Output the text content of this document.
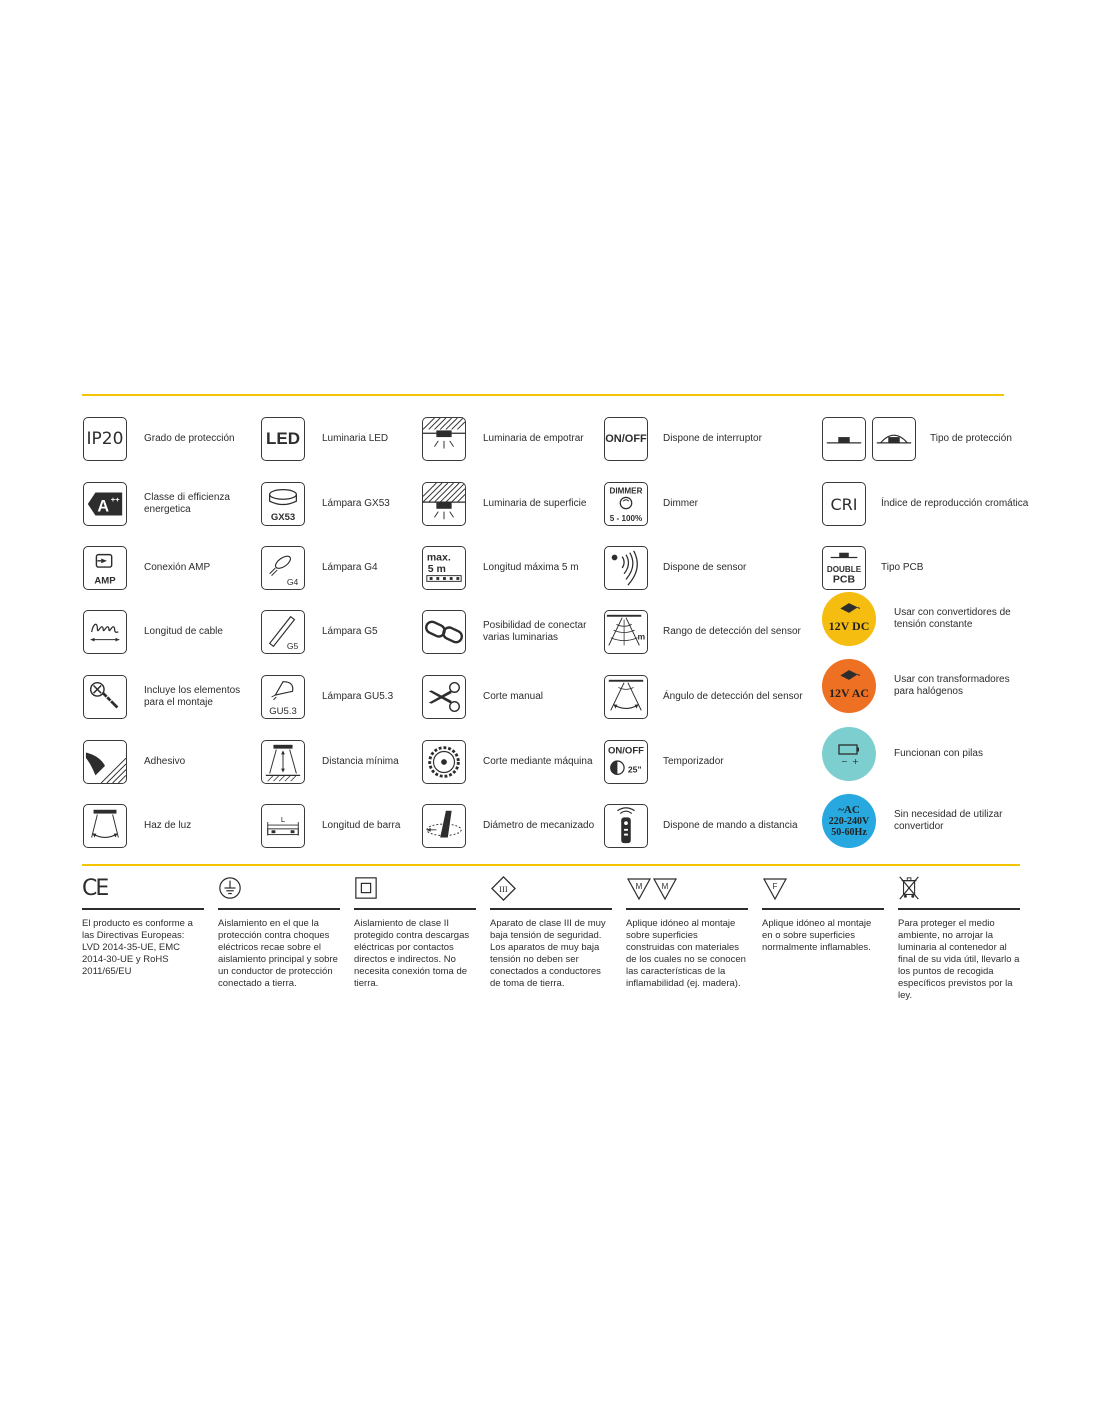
IP20 Grado de protección
A ++ Classe di efficienza energetica
AMP
Conexión AMP
Longitud de cable
Incluye los elementos para el montaje
Adhesivo
Haz de luz
LED Luminaria LED
GX53
Lámpara GX53
G4
Lámpara G4
G5
Lámpara G5
GU5.3
Lámpara GU5.3
Distancia mínima
L
Longitud de barra
Luminaria de empotrar
Luminaria de superficie
max.
5 m	Longitud máxima 5 m
Posibilidad de conectar varias luminarias
Corte manual
Corte mediante máquina
Diámetro de mecanizado
ON/OFF Dispone de interruptor
DIMMER
5 - 100%
Dimmer
Dispone de sensor
m Rango de detección del sensor
Ángulo de detección del sensor
ON/OFF
25"
Temporizador
Dispone de mando a distancia
Tipo de protección
CRI Índice de reproducción cromática
DOUBLE
PCB
Tipo PCB
12V DC
Usar con convertidores de tensión constante
12V AC
Usar con transformadores para halógenos
− +
Funcionan con pilas
~AC
220-240V
50-60Hz
Sin necesidad de utilizar convertidor
CE
El producto es conforme a las Directivas Europeas: LVD 2014-35-UE, EMC 2014-30-UE y RoHS 2011/65/EU
Aislamiento en el que la protección contra choques eléctricos recae sobre el aislamiento principal y sobre un conductor de protección conectado a tierra.
Aislamiento de clase II protegido contra descargas eléctricas por contactos directos e indirectos. No necesita conexión toma de tierra.
III
Aparato de clase III de muy baja tensión de seguridad. Los aparatos de muy baja tensión no deben ser conectados a conductores de toma de tierra.
M M
Aplique idóneo al montaje sobre superficies construidas con materiales de los cuales no se conocen las características de la inflamabilidad (ej. madera).
F
Aplique idóneo al montaje en o sobre superficies normalmente inflamables.
Para proteger el medio ambiente, no arrojar la luminaria al contenedor al final de su vida útil, llevarlo a los puntos de recogida específicos previstos por la ley.
